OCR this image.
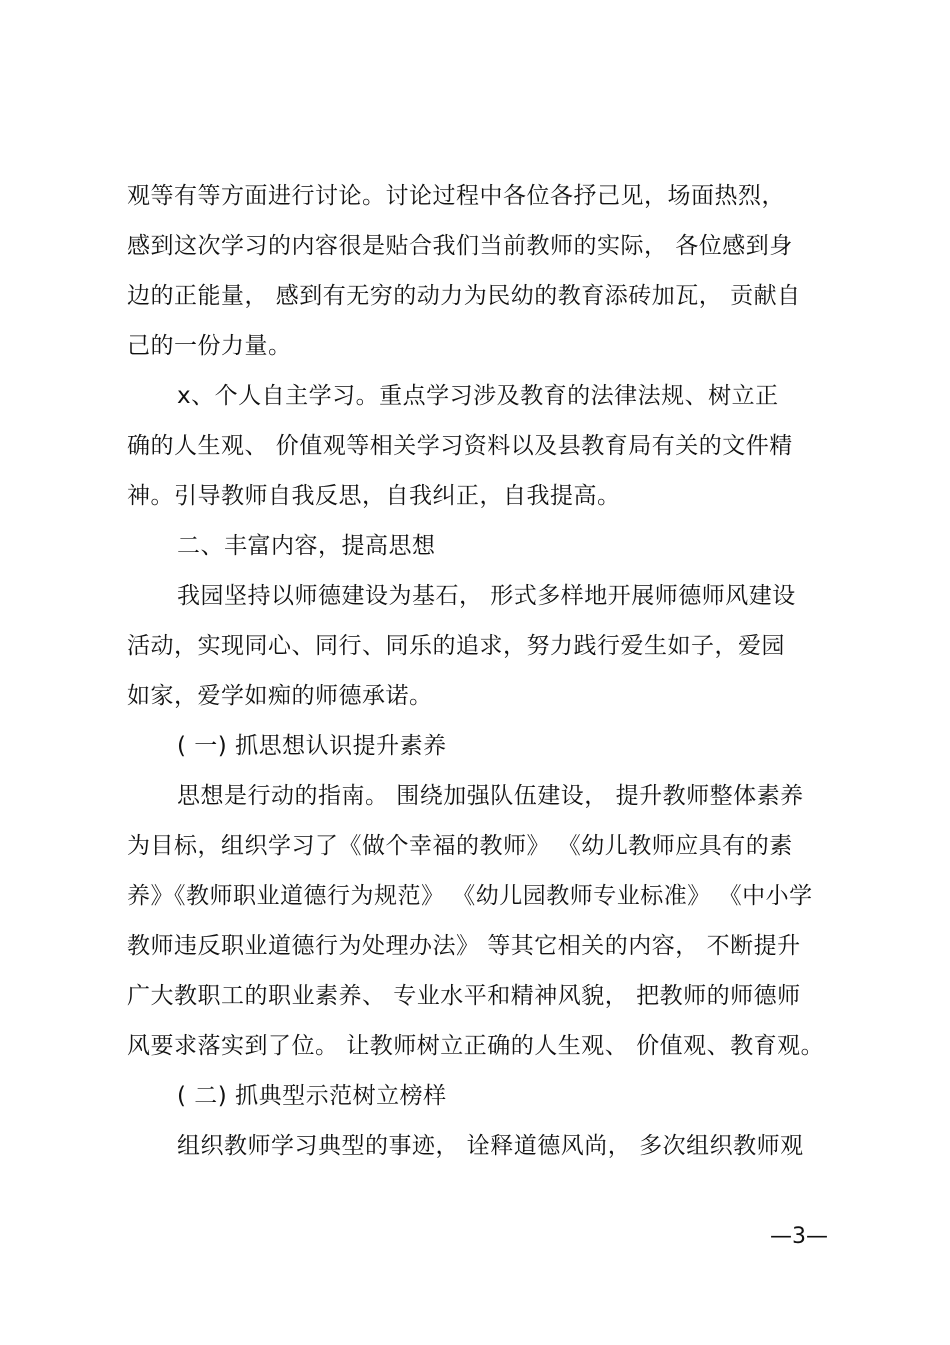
观等有等方面进行讨论。讨论过程中各位各抒己见，场面热烈，
感到这次学习的内容很是贴合我们当前教师的实际， 各位感到身
边的正能量， 感到有无穷的动力为民幼的教育添砖加瓦， 贡献自
己的一份力量。
x、个人自主学习。重点学习涉及教育的法律法规、树立正
确的人生观、 价值观等相关学习资料以及县教育局有关的文件精
神。引导教师自我反思，自我纠正，自我提高。
二、丰富内容，提高思想
我园坚持以师德建设为基石， 形式多样地开展师德师风建设
活动，实现同心、同行、同乐的追求，努力践行爱生如子，爱园
如家，爱学如痴的师德承诺。
( 一) 抓思想认识提升素养
思想是行动的指南。 围绕加强队伍建设， 提升教师整体素养
为目标，组织学习了《做个幸福的教师》 《幼儿教师应具有的素
养》《教师职业道德行为规范》 《幼儿园教师专业标准》 《中小学
教师违反职业道德行为处理办法》 等其它相关的内容， 不断提升
广大教职工的职业素养、 专业水平和精神风貌， 把教师的师德师
风要求落实到了位。 让教师树立正确的人生观、 价值观、教育观。
( 二) 抓典型示范树立榜样
组织教师学习典型的事迹， 诠释道德风尚， 多次组织教师观
—3—
